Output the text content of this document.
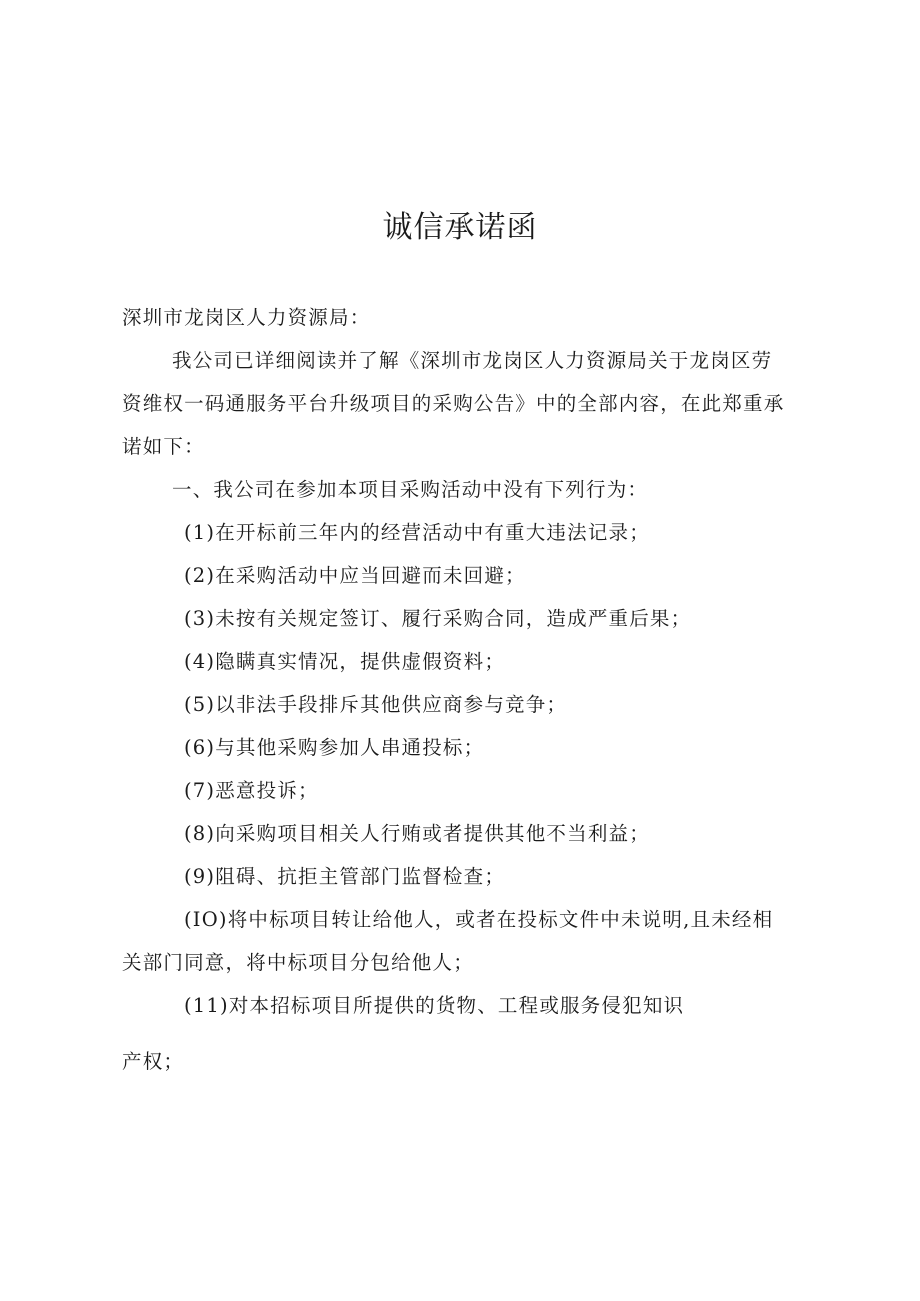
诚信承诺函
深圳市龙岗区人力资源局：
我公司已详细阅读并了解《深圳市龙岗区人力资源局关于龙岗区劳
资维权一码通服务平台升级项目的采购公告》中的全部内容，在此郑重承
诺如下：
一、我公司在参加本项目采购活动中没有下列行为：
(1)在开标前三年内的经营活动中有重大违法记录；
(2)在采购活动中应当回避而未回避；
(3)未按有关规定签订、履行采购合同，造成严重后果；
(4)隐瞒真实情况，提供虚假资料；
(5)以非法手段排斥其他供应商参与竞争；
(6)与其他采购参加人串通投标；
(7)恶意投诉；
(8)向采购项目相关人行贿或者提供其他不当利益；
(9)阻碍、抗拒主管部门监督检查；
(IO)将中标项目转让给他人，或者在投标文件中未说明,且未经相
关部门同意，将中标项目分包给他人；
(11)对本招标项目所提供的货物、工程或服务侵犯知识
产权；
